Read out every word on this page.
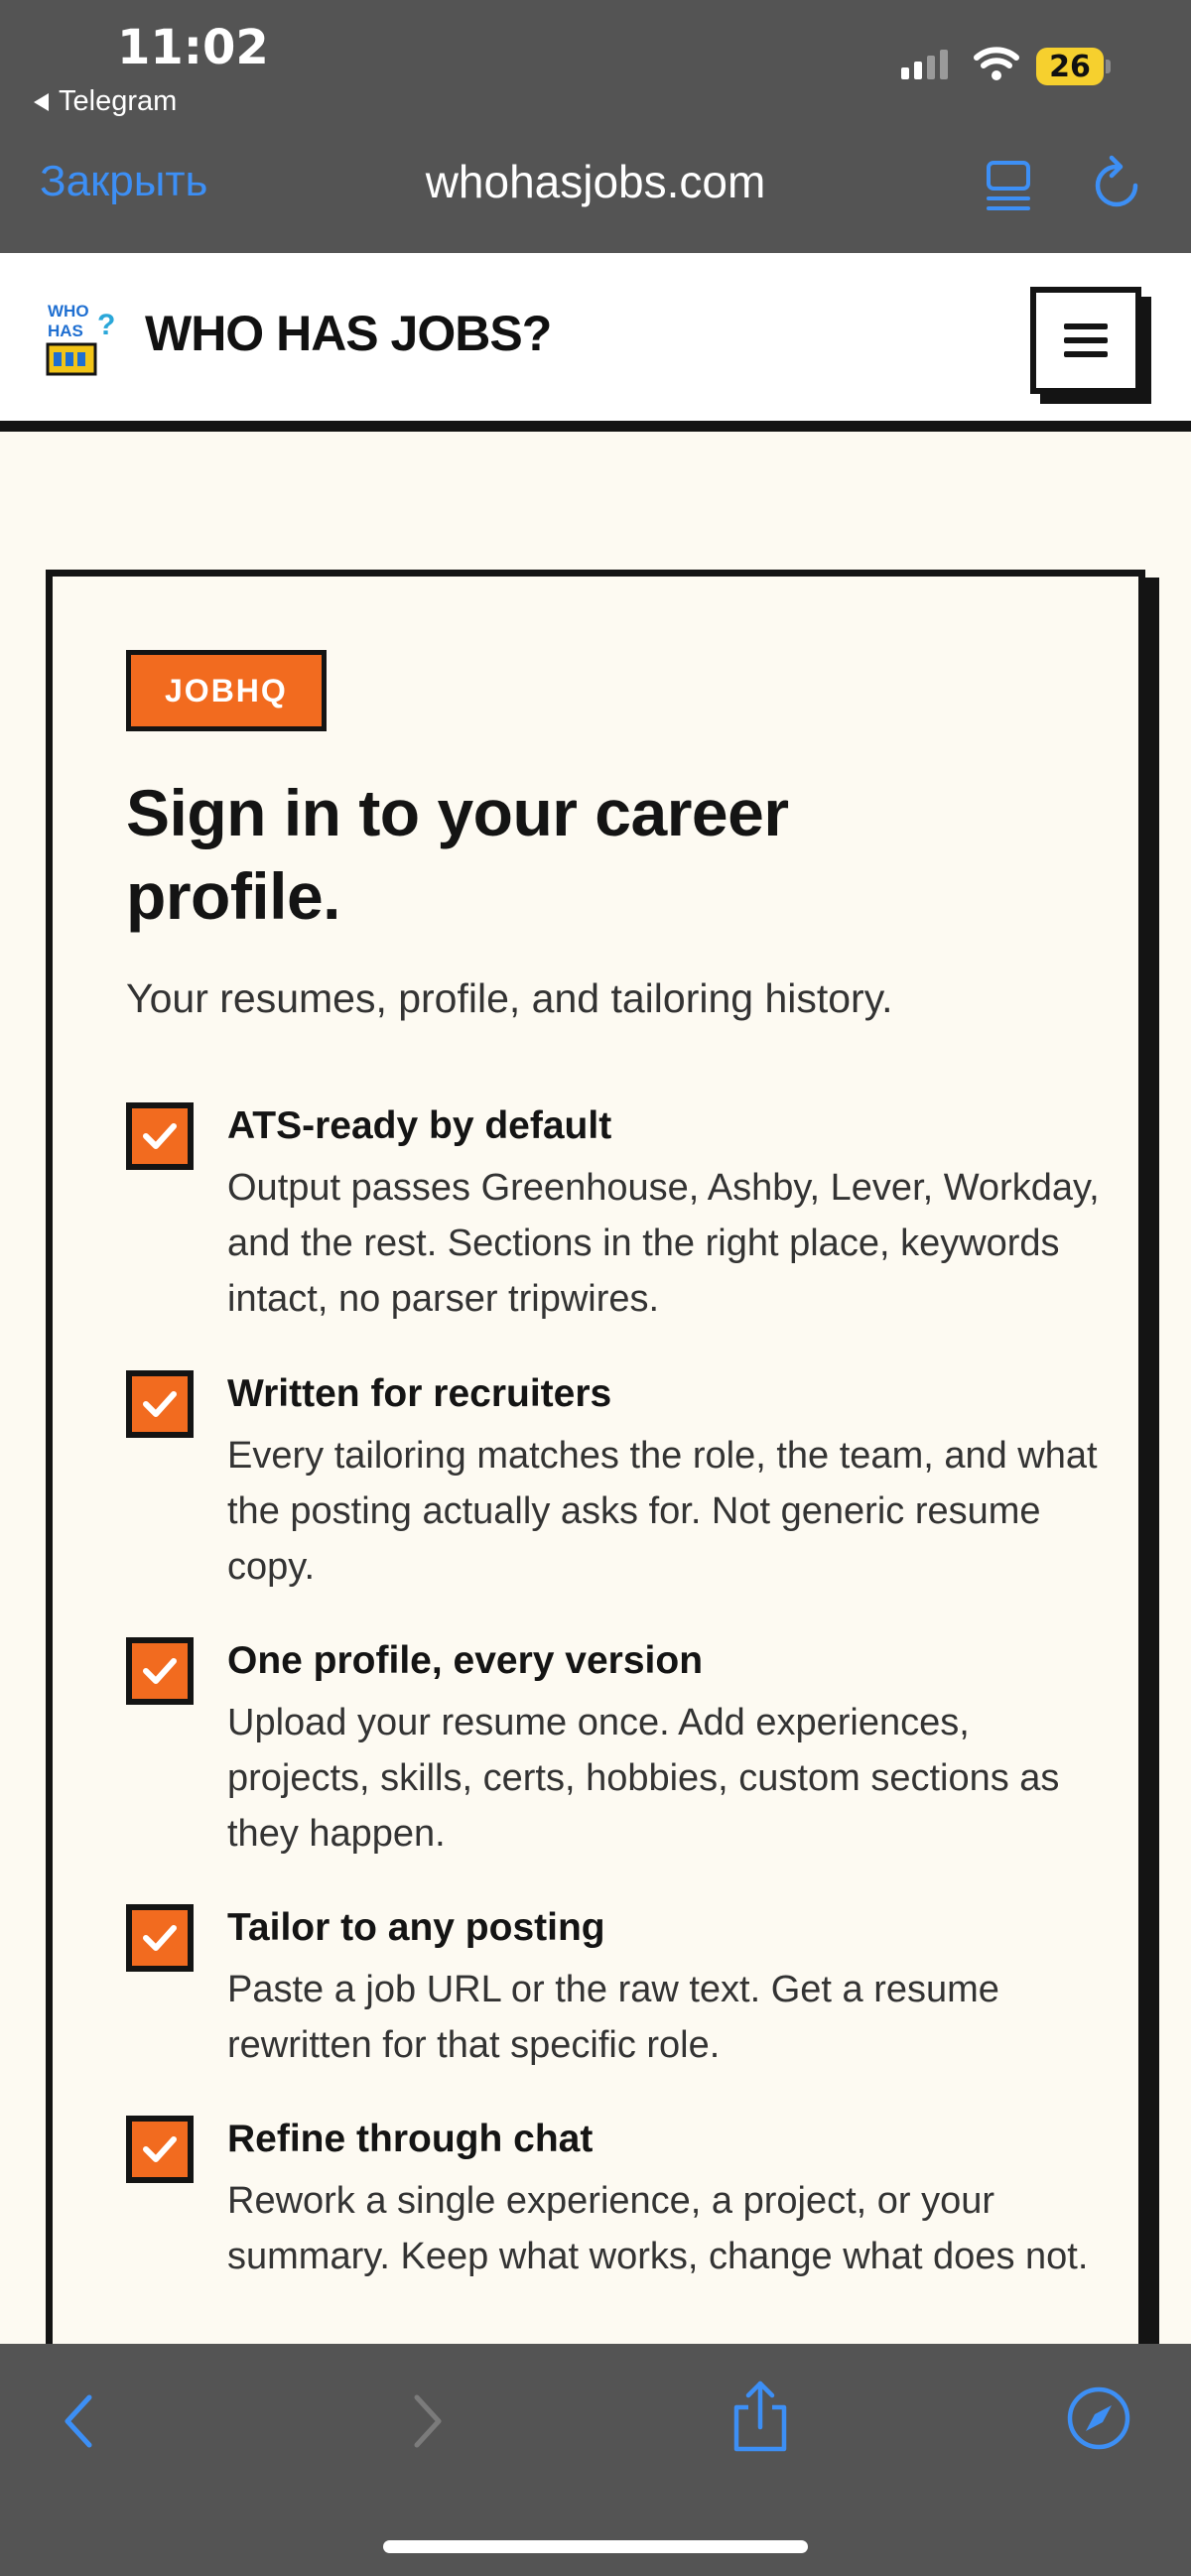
11:02
Telegram
26
Закрыть	whohasjobs.com
WHO
HAS ? WHO HAS JOBS?
JOBHQ
Sign in to your career profile.
Your resumes, profile, and tailoring history.
ATS-ready by default

Output passes Greenhouse, Ashby, Lever, Workday, and the rest. Sections in the right place, keywords intact, no parser tripwires.

Written for recruiters

Every tailoring matches the role, the team, and what the posting actually asks for. Not generic resume copy.

One profile, every version

Upload your resume once. Add experiences, projects, skills, certs, hobbies, custom sections as they happen.

Tailor to any posting

Paste a job URL or the raw text. Get a resume rewritten for that specific role.

Refine through chat

Rework a single experience, a project, or your summary. Keep what works, change what does not.
